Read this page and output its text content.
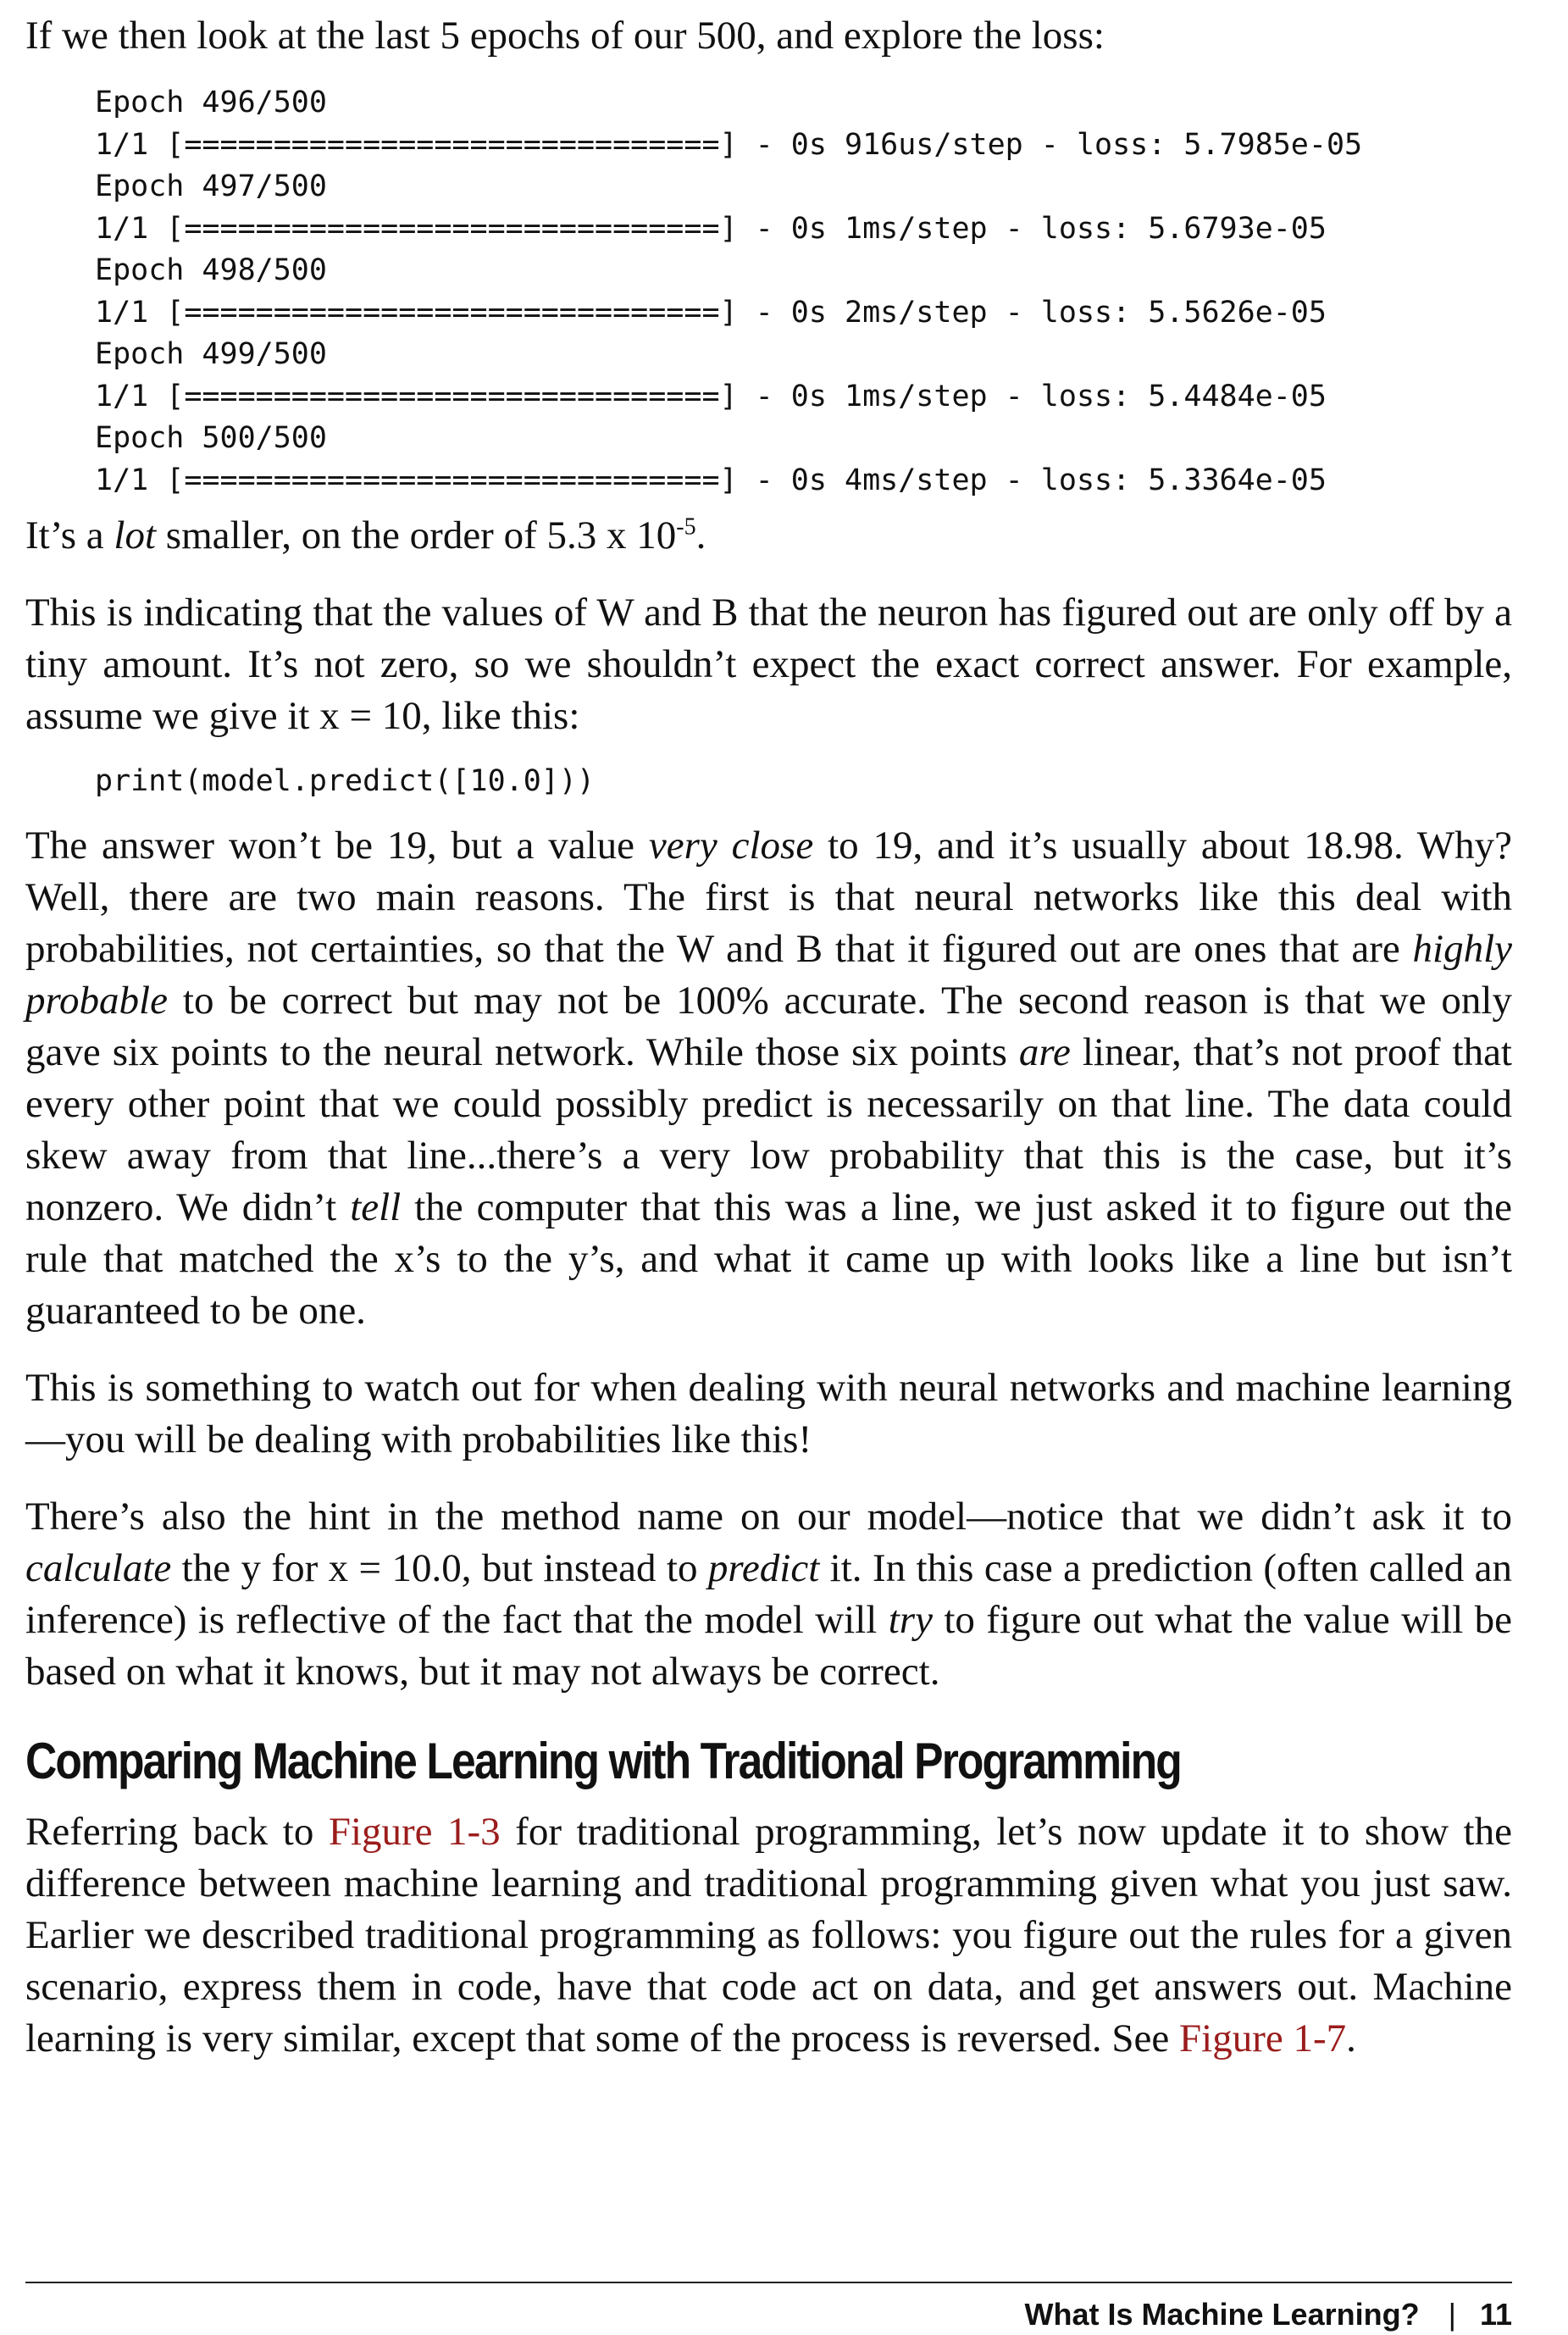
If we then look at the last 5 epochs of our 500, and explore the loss:

Epoch 496/500
1/1 [==============================] - 0s 916us/step - loss: 5.7985e-05
Epoch 497/500
1/1 [==============================] - 0s 1ms/step - loss: 5.6793e-05
Epoch 498/500
1/1 [==============================] - 0s 2ms/step - loss: 5.5626e-05
Epoch 499/500
1/1 [==============================] - 0s 1ms/step - loss: 5.4484e-05
Epoch 500/500
1/1 [==============================] - 0s 4ms/step - loss: 5.3364e-05

It’s a lot smaller, on the order of 5.3 x $10^{-5}$.

This is indicating that the values of W and B that the neuron has figured out are only off by a tiny amount. It’s not zero, so we shouldn’t expect the exact correct answer. For example, assume we give it x = 10, like this:

print(model.predict([10.0]))

The answer won’t be 19, but a value very close to 19, and it’s usually about 18.98. Why? Well, there are two main reasons. The first is that neural networks like this deal with probabilities, not certainties, so that the W and B that it figured out are ones that are highly probable to be correct but may not be 100% accurate. The second reason is that we only gave six points to the neural network. While those six points are linear, that’s not proof that every other point that we could possibly predict is necessarily on that line. The data could skew away from that line...there’s a very low probability that this is the case, but it’s nonzero. We didn’t tell the computer that this was a line, we just asked it to figure out the rule that matched the x’s to the y’s, and what it came up with looks like a line but isn’t guaranteed to be one.

This is something to watch out for when dealing with neural networks and machine learning—you will be dealing with probabilities like this!

There’s also the hint in the method name on our model—notice that we didn’t ask it to calculate the y for x = 10.0, but instead to predict it. In this case a prediction (often called an inference) is reflective of the fact that the model will try to figure out what the value will be based on what it knows, but it may not always be correct.

Comparing Machine Learning with Traditional Programming

Referring back to Figure 1-3 for traditional programming, let’s now update it to show the difference between machine learning and traditional programming given what you just saw. Earlier we described traditional programming as follows: you figure out the rules for a given scenario, express them in code, have that code act on data, and get answers out. Machine learning is very similar, except that some of the process is reversed. See Figure 1-7.

What Is Machine Learning? | 11
